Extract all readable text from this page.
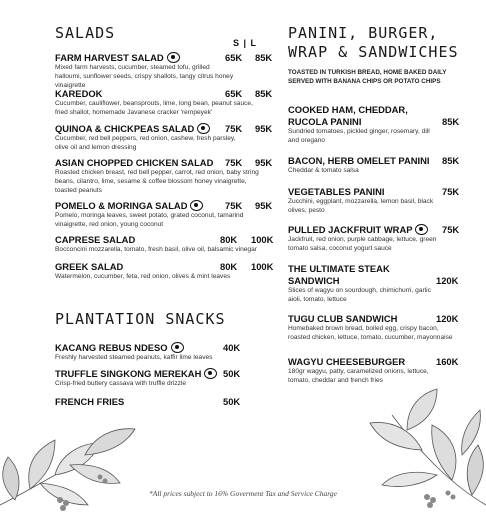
SALADS
S | L
FARM HARVEST SALAD
Mixed farm harvests, cucumber, steamed tofu, grilled halloumi, sunflower seeds, crispy shallots, tangy citrus honey vinaigrette
65K 85K
KAREDOK
Cucumber, cauliflower, beansprouts, lime, long bean, peanut sauce, fried shallot, homemade Javanese cracker 'rempeyek'
65K 85K
QUINOA & CHICKPEAS SALAD
Cucumber, red bell peppers, red onion, cashew, fresh parsley, olive oil and lemon dressing
75K 95K
ASIAN CHOPPED CHICKEN SALAD
Roasted chicken breast, red bell pepper, carrot, red onion, baby string beans, cilantro, lime, sesame & coffee blossom honey vinaigrette, toasted peanuts
75K 95K
POMELO & MORINGA SALAD
Pomelo, moringa leaves, sweet potato, grated coconut, tamarind vinaigrette, red onion, young coconut
75K 95K
CAPRESE SALAD
Bocconcini mozzarella, tomato, fresh basil, olive oil, balsamic vinegar
80K 100K
GREEK SALAD
Watermelon, cucumber, feta, red onion, olives & mint leaves
80K 100K
PLANTATION SNACKS
KACANG REBUS NDESO
Freshly harvested steamed peanuts, kaffir lime leaves
40K
TRUFFLE SINGKONG MEREKAH
Crisp-fried buttery cassava with truffle drizzle
50K
FRENCH FRIES	50K
PANINI, BURGER,
WRAP & SANDWICHES
TOASTED IN TURKISH BREAD, HOME BAKED DAILY SERVED WITH BANANA CHIPS OR POTATO CHIPS
COOKED HAM, CHEDDAR, RUCOLA PANINI
Sundried tomatoes, pickled ginger, rosemary, dill and oregano
85K
BACON, HERB OMELET PANINI
Cheddar & tomato salsa
85K
VEGETABLES PANINI
Zucchini, eggplant, mozzarella, lemon basil, black olives, pesto
75K
PULLED JACKFRUIT WRAP
Jackfruit, red onion, purple cabbage, lettuce, green tomato salsa, coconut yogurt sauce
75K
THE ULTIMATE STEAK SANDWICH
Slices of wagyu on sourdough, chimichurri, garlic aioli, tomato, lettuce
120K
TUGU CLUB SANDWICH
Homebaked brown bread, boiled egg, crispy bacon, roasted chicken, lettuce, tomato, cucumber, mayonnaise
120K
WAGYU CHEESEBURGER
180gr wagyu, patty, caramelized onions, lettuce, tomato, cheddar and french fries
160K
*All prices subject to 16% Goverment Tax and Service Charge
